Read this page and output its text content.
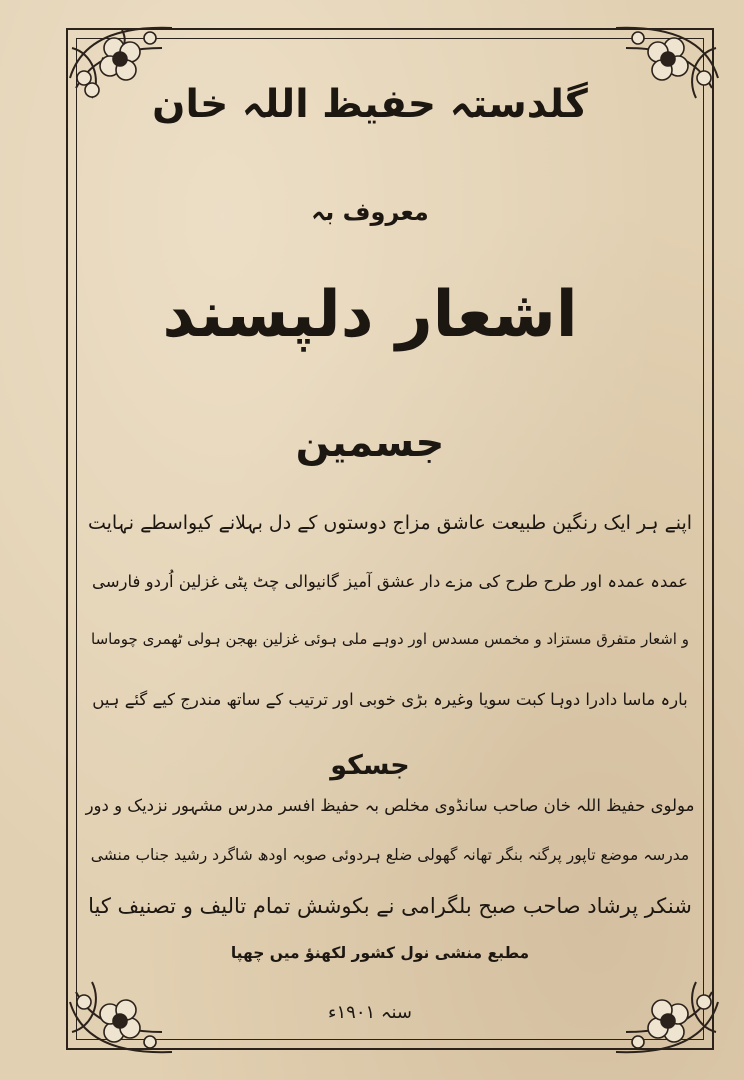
گلدستہ حفیظ اللہ خان
معروف بہ
اشعار دلپسند
جسمین
اپنے ہر ایک رنگین طبیعت عاشق مزاج دوستوں کے دل بہلانے کیواسطے نہایت
عمدہ عمدہ اور طرح طرح کی مزے دار عشق آمیز گانیوالی چٹ پٹی غزلین اُردو فارسی
و اشعار متفرق مستزاد و مخمس مسدس اور دوہے ملی ہوئی غزلین بھجن ہولی ٹھمری چوماسا
بارہ ماسا دادرا دوہا کبت سویا وغیرہ بڑی خوبی اور ترتیب کے ساتھ مندرج کیے گئے ہیں
جسکو
مولوی حفیظ اللہ خان صاحب سانڈوی مخلص بہ حفیظ افسر مدرس مشہور نزدیک و دور
مدرسہ موضع تاپور پرگنہ بنگر تھانہ گھولی ضلع ہردوئی صوبہ اودھ شاگرد رشید جناب منشی
شنکر پرشاد صاحب صبح بلگرامی نے بکوشش تمام تالیف و تصنیف کیا
مطبع منشی نول کشور لکھنؤ میں چھپا
سنہ ۱۹۰۱ء
